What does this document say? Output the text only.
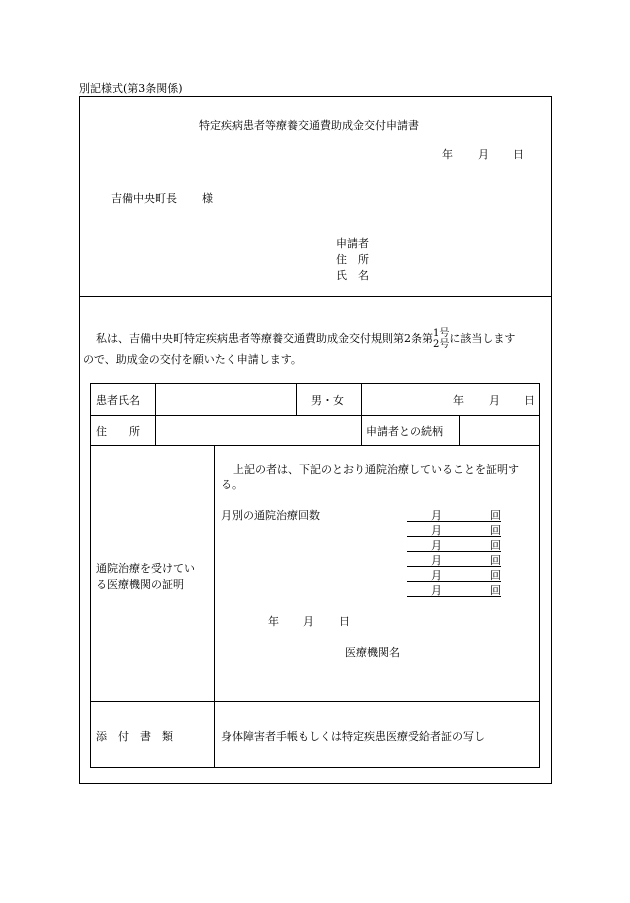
別記様式(第3条関係)
特定疾病患者等療養交通費助成金交付申請書
年 月 日
吉備中央町長 様
申請者
住　所
氏　名
私は、吉備中央町特定疾病患者等療養交通費助成金交付規則第2条第 1号
2号 に該当します
ので、助成金の交付を願いたく申請します。
患者氏名	男・女	年 月 日
住　　所	申請者との続柄
通院治療を受けてい
る医療機関の証明
上記の者は、下記のとおり通院治療していることを証明す
る。
月別の通院治療回数	月	回
月	回
月	回
月	回
月	回
月	回
年 月 日
医療機関名
添　付　書　類	身体障害者手帳もしくは特定疾患医療受給者証の写し
